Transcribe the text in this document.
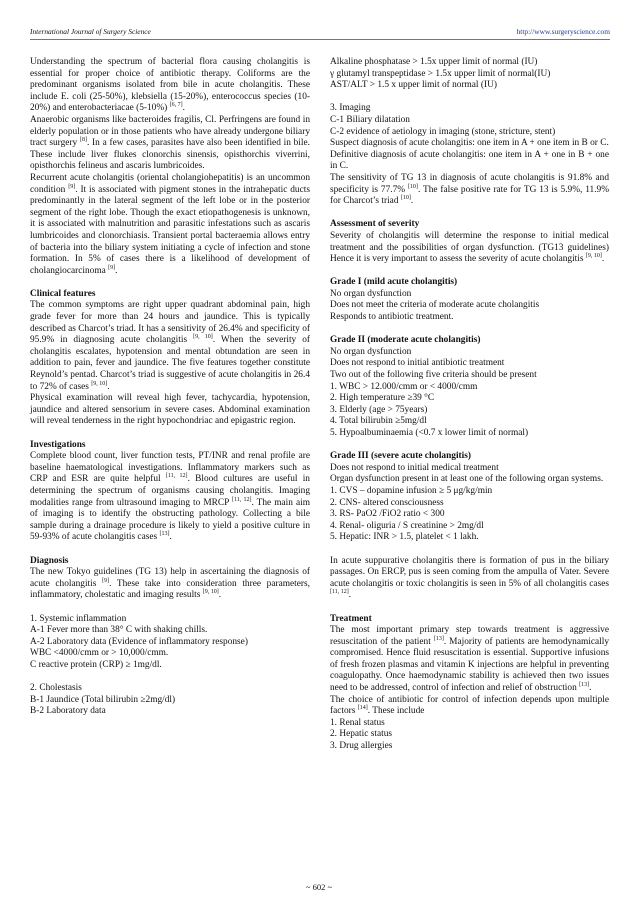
International Journal of Surgery Science	http://www.surgeryscience.com

Understanding the spectrum of bacterial flora causing cholangitis is essential for proper choice of antibiotic therapy. Coliforms are the predominant organisms isolated from bile in acute cholangitis. These include E. coli (25-50%), klebsiella (15-20%), enterococcus species (10- 20%) and enterobacteriacae (5-10%) [6, 7].

Anaerobic organisms like bacteroides fragilis, Cl. Perfringens are found in elderly population or in those patients who have already undergone biliary tract surgery [8]. In a few cases, parasites have also been identified in bile. These include liver flukes clonorchis sinensis, opisthorchis viverrini, opisthorchis felineus and ascaris lumbricoides.

Recurrent acute cholangitis (oriental cholangiohepatitis) is an uncommon condition [9]. It is associated with pigment stones in the intrahepatic ducts predominantly in the lateral segment of the left lobe or in the posterior segment of the right lobe. Though the exact etiopathogenesis is unknown, it is associated with malnutrition and parasitic infestations such as ascaris lumbricoides and clonorchiasis. Transient portal bacteraemia allows entry of bacteria into the biliary system initiating a cycle of infection and stone formation. In 5% of cases there is a likelihood of development of cholangiocarcinoma [9].

Clinical features

The common symptoms are right upper quadrant abdominal pain, high grade fever for more than 24 hours and jaundice. This is typically described as Charcot’s triad. It has a sensitivity of 26.4% and specificity of 95.9% in diagnosing acute cholangitis [9, 10]. When the severity of cholangitis escalates, hypotension and mental obtundation are seen in addition to pain, fever and jaundice. The five features together constitute Reynold’s pentad. Charcot’s triad is suggestive of acute cholangitis in 26.4 to 72% of cases [9, 10].

Physical examination will reveal high fever, tachycardia, hypotension, jaundice and altered sensorium in severe cases. Abdominal examination will reveal tenderness in the right hypochondriac and epigastric region.

Investigations

Complete blood count, liver function tests, PT/INR and renal profile are baseline haematological investigations. Inflammatory markers such as CRP and ESR are quite helpful [11, 12]. Blood cultures are useful in determining the spectrum of organisms causing cholangitis. Imaging modalities range from ultrasound imaging to MRCP [11, 12]. The main aim of imaging is to identify the obstructing pathology. Collecting a bile sample during a drainage procedure is likely to yield a positive culture in 59-93% of acute cholangitis cases [13].

Diagnosis

The new Tokyo guidelines (TG 13) help in ascertaining the diagnosis of acute cholangitis [9]. These take into consideration three parameters, inflammatory, cholestatic and imaging results [9, 10].

1. Systemic inflammation

A-1 Fever more than 38° C with shaking chills.

A-2 Laboratory data (Evidence of inflammatory response)

WBC <4000/cmm or > 10,000/cmm.

C reactive protein (CRP) ≥ 1mg/dl.

2. Cholestasis

B-1 Jaundice (Total bilirubin ≥2mg/dl)

B-2 Laboratory data

Alkaline phosphatase > 1.5x upper limit of normal (IU)

γ glutamyl transpeptidase > 1.5x upper limit of normal(IU)

AST/ALT > 1.5 x upper limit of normal (IU)

3. Imaging

C-1 Biliary dilatation

C-2 evidence of aetiology in imaging (stone, stricture, stent)

Suspect diagnosis of acute cholangitis: one item in A + one item in B or C.

Definitive diagnosis of acute cholangitis: one item in A + one in B + one in C.

The sensitivity of TG 13 in diagnosis of acute cholangitis is 91.8% and specificity is 77.7% [10]. The false positive rate for TG 13 is 5.9%, 11.9% for Charcot’s triad [10].

Assessment of severity

Severity of cholangitis will determine the response to initial medical treatment and the possibilities of organ dysfunction. (TG13 guidelines) Hence it is very important to assess the severity of acute cholangitis [9, 10].

Grade I (mild acute cholangitis)

No organ dysfunction

Does not meet the criteria of moderate acute cholangitis

Responds to antibiotic treatment.

Grade II (moderate acute cholangitis)

No organ dysfunction

Does not respond to initial antibiotic treatment

Two out of the following five criteria should be present

1. WBC > 12.000/cmm or < 4000/cmm

2. High temperature ≥39 °C

3. Elderly (age > 75years)

4. Total bilirubin ≥5mg/dl

5. Hypoalbuminaemia (<0.7 x lower limit of normal)

Grade III (severe acute cholangitis)

Does not respond to initial medical treatment

Organ dysfunction present in at least one of the following organ systems.

1. CVS – dopamine infusion ≥ 5 μg/kg/min

2. CNS- altered consciousness

3. RS- PaO2 /FiO2 ratio < 300

4. Renal- oliguria / S creatinine > 2mg/dl

5. Hepatic: INR > 1.5, platelet < 1 lakh.

In acute suppurative cholangitis there is formation of pus in the biliary passages. On ERCP, pus is seen coming from the ampulla of Vater. Severe acute cholangitis or toxic cholangitis is seen in 5% of all cholangitis cases [11, 12].

Treatment

The most important primary step towards treatment is aggressive resuscitation of the patient [13]. Majority of patients are hemodynamically compromised. Hence fluid resuscitation is essential. Supportive infusions of fresh frozen plasmas and vitamin K injections are helpful in preventing coagulopathy. Once haemodynamic stability is achieved then two issues need to be addressed, control of infection and relief of obstruction [13].

The choice of antibiotic for control of infection depends upon multiple factors [14]. These include

1. Renal status

2. Hepatic status

3. Drug allergies

~ 602 ~
